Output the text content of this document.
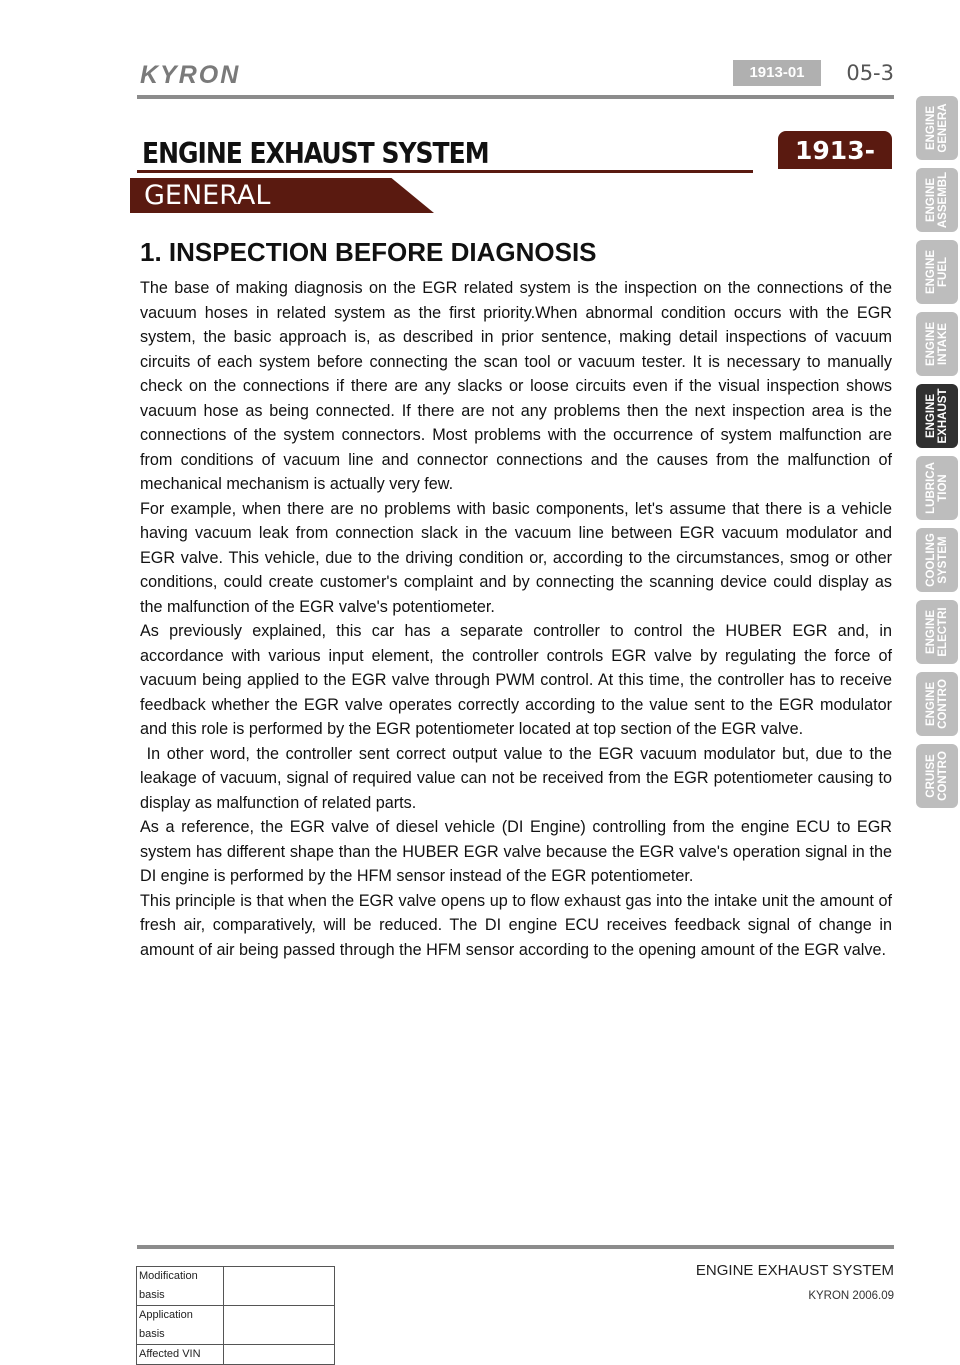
KYRON	1913-01	05-3
ENGINE EXHAUST SYSTEM	1913-01
GENERAL
1. INSPECTION BEFORE DIAGNOSIS

The base of making diagnosis on the EGR related system is the inspection on the connections of the vacuum hoses in related system as the first priority.When abnormal condition occurs with the EGR system, the basic approach is, as described in prior sentence, making detail inspections of vacuum circuits of each system before connecting the scan tool or vacuum tester. It is necessary to manually check on the connections if there are any slacks or loose circuits even if the visual inspection shows vacuum hose as being connected. If there are not any problems then the next inspection area is the connections of the system connectors. Most problems with the occurrence of system malfunction are from conditions of vacuum line and connector connections and the causes from the malfunction of mechanical mechanism is actually very few.

For example, when there are no problems with basic components, let's assume that there is a vehicle having vacuum leak from connection slack in the vacuum line between EGR vacuum modulator and EGR valve. This vehicle, due to the driving condition or, according to the circumstances, smog or other conditions, could create customer's complaint and by connecting the scanning device could display as the malfunction of the EGR valve's potentiometer.

As previously explained, this car has a separate controller to control the HUBER EGR and, in accordance with various input element, the controller controls EGR valve by regulating the force of vacuum being applied to the EGR valve through PWM control. At this time, the controller has to receive feedback whether the EGR valve operates correctly according to the value sent to the EGR modulator and this role is performed by the EGR potentiometer located at top section of the EGR valve.

In other word, the controller sent correct output value to the EGR vacuum modulator but, due to the leakage of vacuum, signal of required value can not be received from the EGR potentiometer causing to display as malfunction of related parts.

As a reference, the EGR valve of diesel vehicle (DI Engine) controlling from the engine ECU to EGR system has different shape than the HUBER EGR valve because the EGR valve's operation signal in the DI engine is performed by the HFM sensor instead of the EGR potentiometer.

This principle is that when the EGR valve opens up to flow exhaust gas into the intake unit the amount of fresh air, comparatively, will be reduced. The DI engine ECU receives feedback signal of change in amount of air being passed through the HFM sensor according to the opening amount of the EGR valve.

ENGINE
GENERA
ENGINE
ASSEMBL
ENGINE
FUEL
ENGINE
INTAKE
ENGINE
EXHAUST
LUBRICA
TION
COOLING
SYSTEM
ENGINE
ELECTRI
ENGINE
CONTRO
CRUISE
CONTRO
ENGINE EXHAUST SYSTEM
KYRON 2006.09
Modification basis	
Application basis	
Affected VIN	
